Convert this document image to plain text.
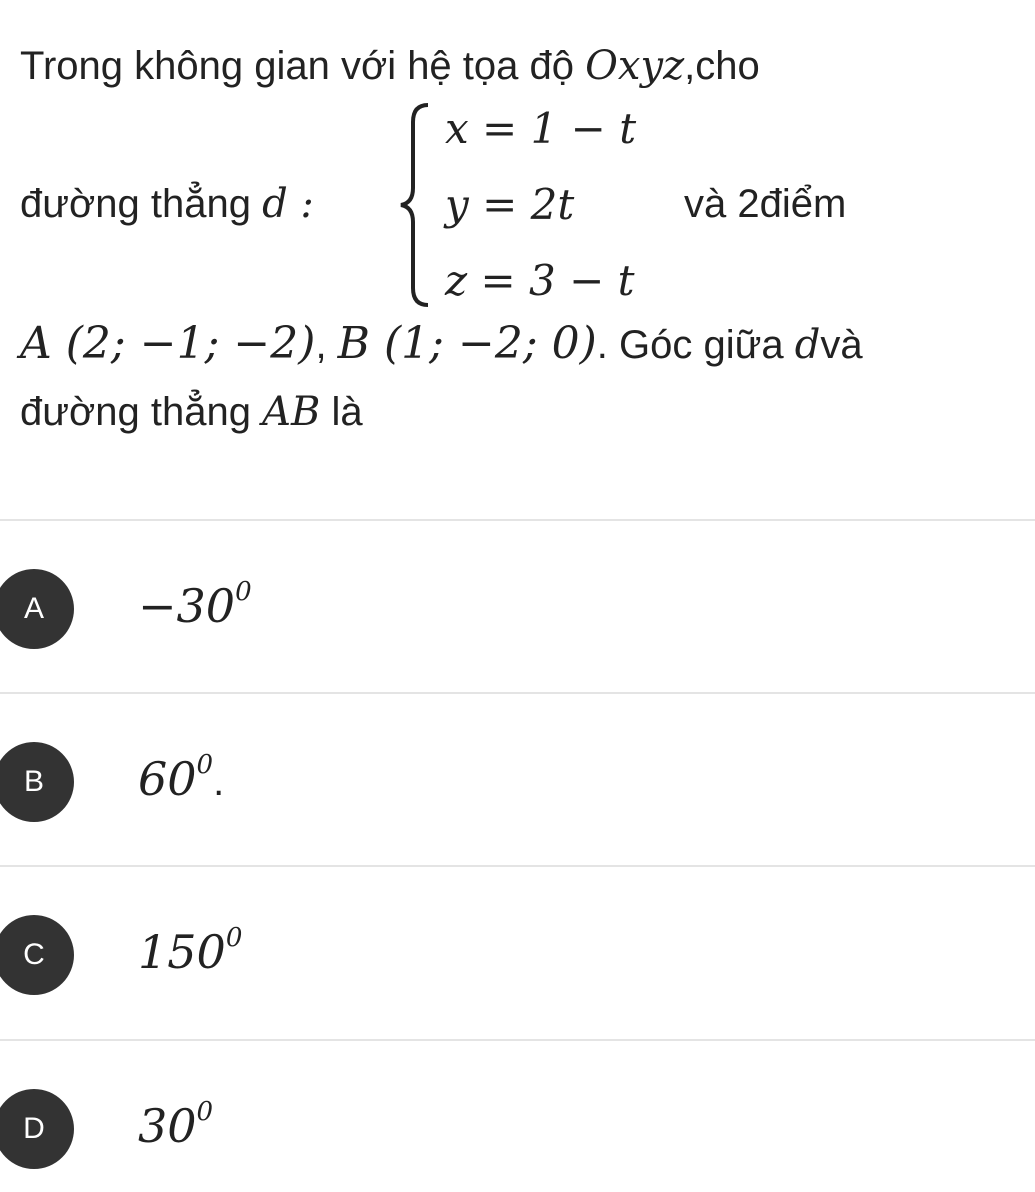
Trong không gian với hệ tọa độ Oxyz,cho
đường thẳng d :
x = 1 − t
y = 2t
z = 3 − t
và 2điểm
A (2; −1; −2), B (1; −2; 0). Góc giữa dvà
đường thẳng AB là
A	$-30^0$
B	$60^0$.
C	$150^0$
D	$30^0$
